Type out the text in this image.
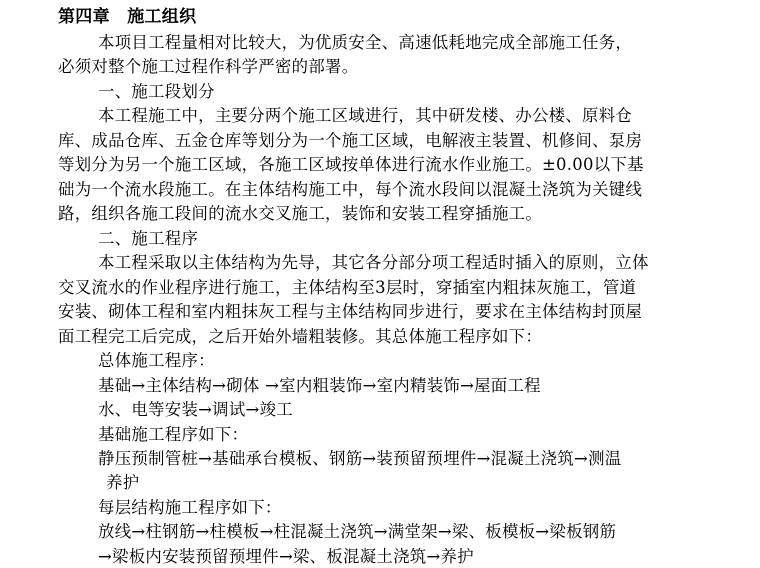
第四章　施工组织
本项目工程量相对比较大，为优质安全、高速低耗地完成全部施工任务，
必须对整个施工过程作科学严密的部署。
一、施工段划分
本工程施工中，主要分两个施工区域进行，其中研发楼、办公楼、原料仓
库、成品仓库、五金仓库等划分为一个施工区域，电解液主装置、机修间、泵房
等划分为另一个施工区域，各施工区域按单体进行流水作业施工。±0.00以下基
础为一个流水段施工。在主体结构施工中，每个流水段间以混凝土浇筑为关键线
路，组织各施工段间的流水交叉施工，装饰和安装工程穿插施工。
二、施工程序
本工程采取以主体结构为先导，其它各分部分项工程适时插入的原则，立体
交叉流水的作业程序进行施工，主体结构至3层时，穿插室内粗抹灰施工，管道
安装、砌体工程和室内粗抹灰工程与主体结构同步进行，要求在主体结构封顶屋
面工程完工后完成，之后开始外墙粗装修。其总体施工程序如下：
总体施工程序：
基础→主体结构→砌体 →室内粗装饰→室内精装饰→屋面工程
水、电等安装→调试→竣工
基础施工程序如下：
静压预制管桩→基础承台模板、钢筋→装预留预埋件→混凝土浇筑→测温
养护
每层结构施工程序如下：
放线→柱钢筋→柱模板→柱混凝土浇筑→满堂架→梁、板模板→梁板钢筋
→梁板内安装预留预埋件→梁、板混凝土浇筑→养护
